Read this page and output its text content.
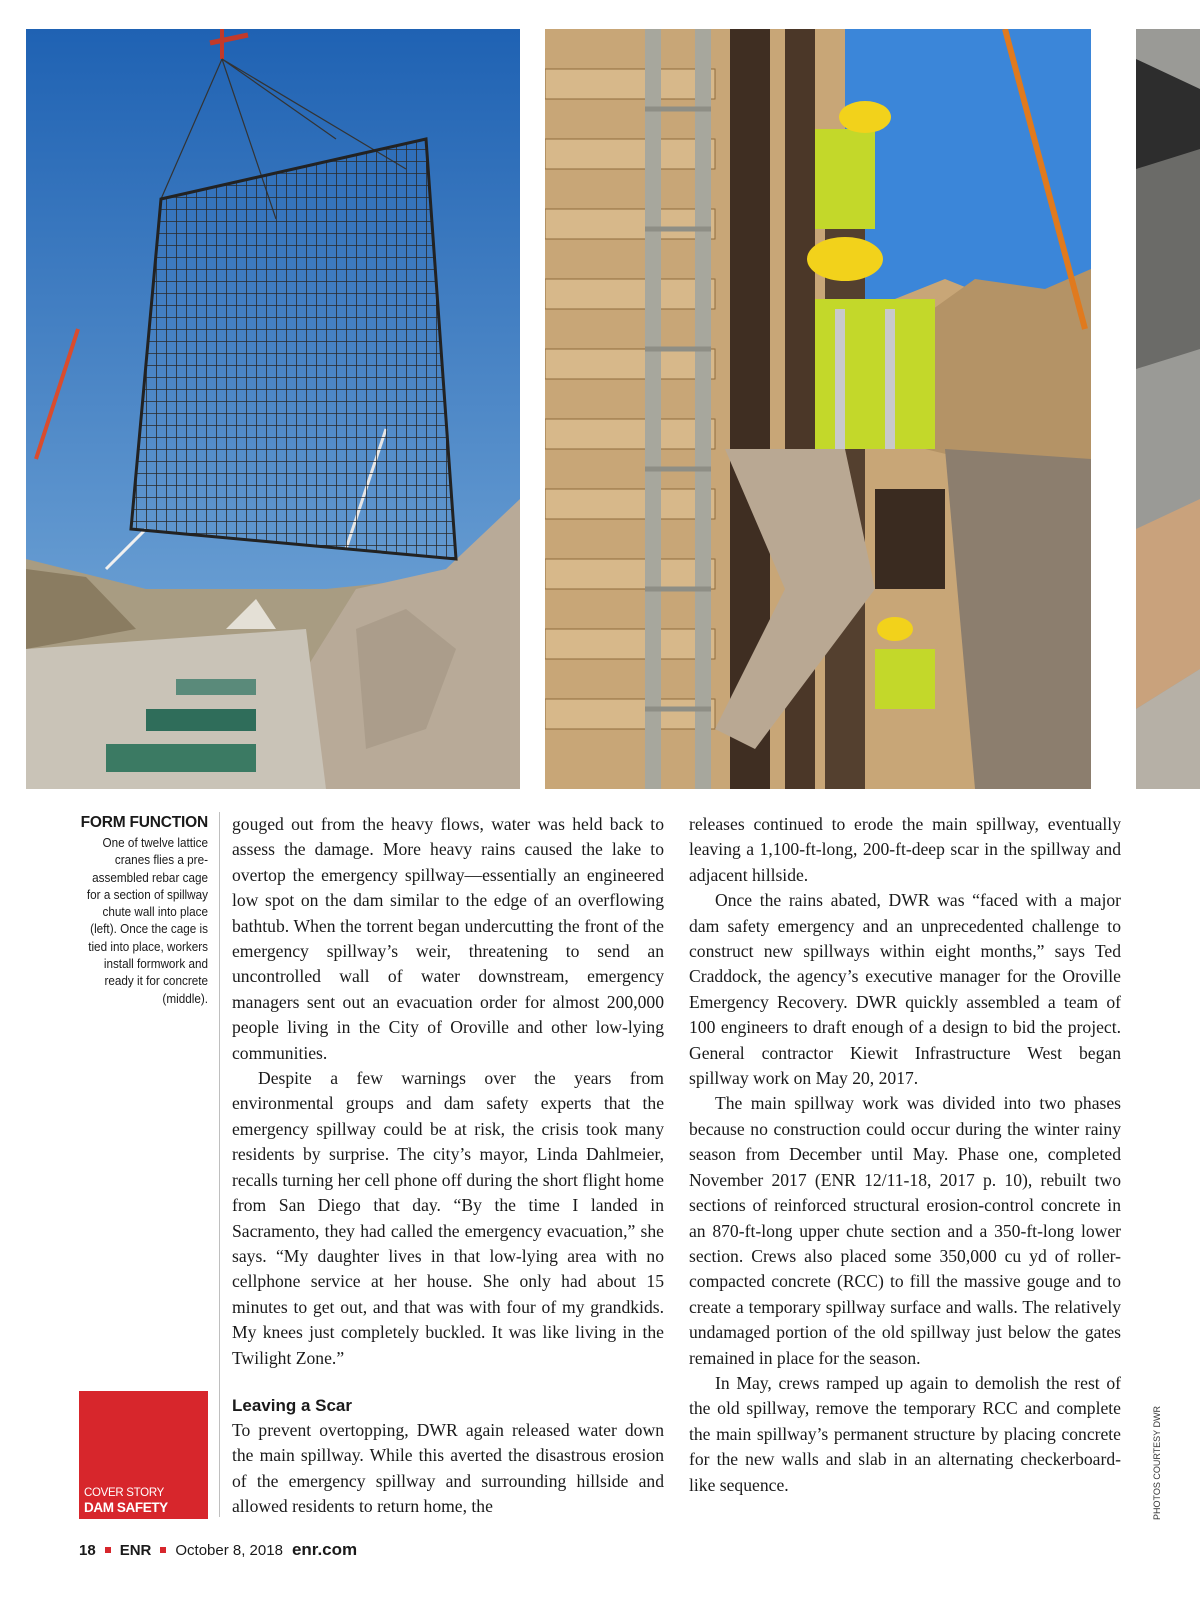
FORM FUNCTION

One of twelve lattice cranes flies a pre-assembled rebar cage for a section of spillway chute wall into place (left). Once the cage is tied into place, workers install formwork and ready it for concrete (middle).

gouged out from the heavy flows, water was held back to assess the damage. More heavy rains caused the lake to overtop the emergency spillway—essentially an engineered low spot on the dam similar to the edge of an overflowing bathtub. When the torrent began undercutting the front of the emergency spillway’s weir, threatening to send an uncontrolled wall of water downstream, emergency managers sent out an evacuation order for almost 200,000 people living in the City of Oroville and other low-lying communities.

Despite a few warnings over the years from environmental groups and dam safety experts that the emergency spillway could be at risk, the crisis took many residents by surprise. The city’s mayor, Linda Dahlmeier, recalls turning her cell phone off during the short flight home from San Diego that day. “By the time I landed in Sacramento, they had called the emergency evacuation,” she says. “My daughter lives in that low-lying area with no cellphone service at her house. She only had about 15 minutes to get out, and that was with four of my grandkids. My knees just completely buckled. It was like living in the Twilight Zone.”

Leaving a Scar

To prevent overtopping, DWR again released water down the main spillway. While this averted the disastrous erosion of the emergency spillway and surrounding hillside and allowed residents to return home, the

releases continued to erode the main spillway, eventually leaving a 1,100-ft-long, 200-ft-deep scar in the spillway and adjacent hillside.

Once the rains abated, DWR was “faced with a major dam safety emergency and an unprecedented challenge to construct new spillways within eight months,” says Ted Craddock, the agency’s executive manager for the Oroville Emergency Recovery. DWR quickly assembled a team of 100 engineers to draft enough of a design to bid the project. General contractor Kiewit Infrastructure West began spillway work on May 20, 2017.

The main spillway work was divided into two phases because no construction could occur during the winter rainy season from December until May. Phase one, completed November 2017 (ENR 12/11-18, 2017 p. 10), rebuilt two sections of reinforced structural erosion-control concrete in an 870-ft-long upper chute section and a 350-ft-long lower section. Crews also placed some 350,000 cu yd of roller-compacted concrete (RCC) to fill the massive gouge and to create a temporary spillway surface and walls. The relatively undamaged portion of the old spillway just below the gates remained in place for the season.

In May, crews ramped up again to demolish the rest of the old spillway, remove the temporary RCC and complete the main spillway’s permanent structure by placing concrete for the new walls and slab in an alternating checkerboard-like sequence.

COVER STORY
DAM SAFETY	PHOTOS COURTESY DWR
18 ENR October 8, 2018 enr.com
